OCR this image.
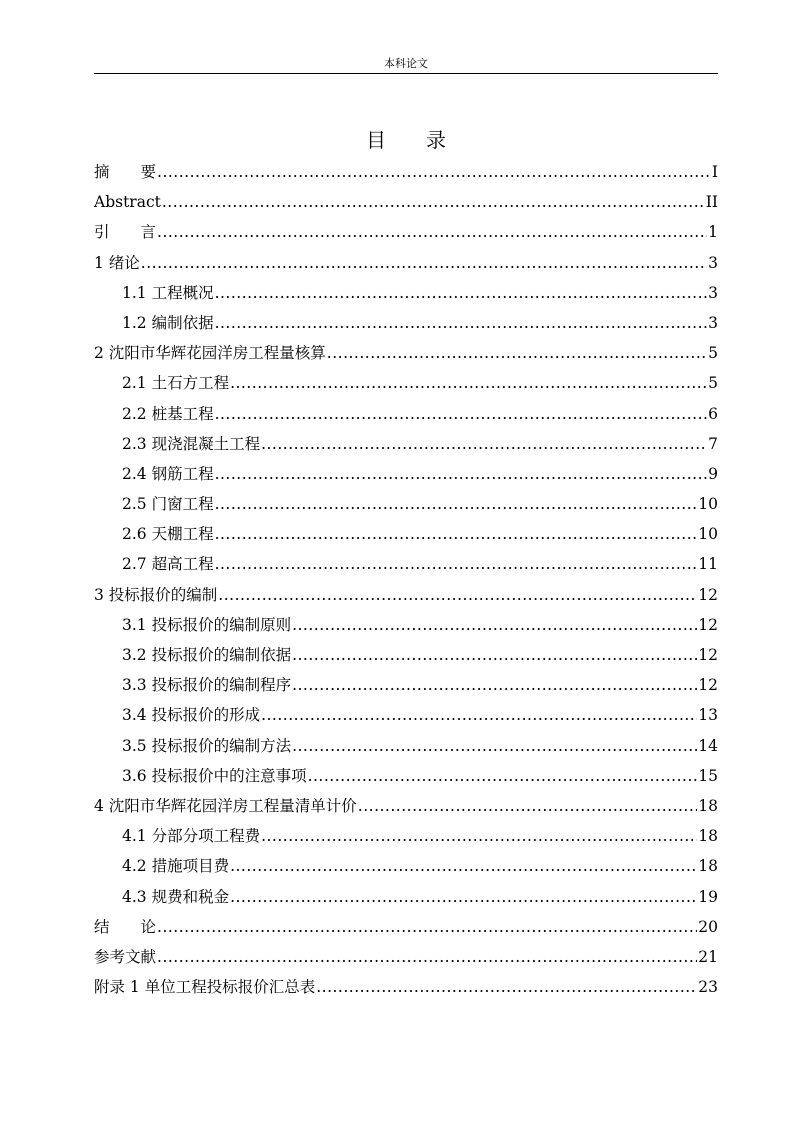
本科论文
目 录
摘　　要 .....	I
Abstract .....	II
引　　言 .....	1
1 绪论 .....	3
1.1 工程概况 .....	3
1.2 编制依据 .....	3
2 沈阳市华辉花园洋房工程量核算 .....	5
2.1 土石方工程 .....	5
2.2 桩基工程 .....	6
2.3 现浇混凝土工程 .....	7
2.4 钢筋工程 .....	9
2.5 门窗工程 .....	10
2.6 天棚工程 .....	10
2.7 超高工程 .....	11
3 投标报价的编制 .....	12
3.1 投标报价的编制原则 .....	12
3.2 投标报价的编制依据 .....	12
3.3 投标报价的编制程序 .....	12
3.4 投标报价的形成 .....	13
3.5 投标报价的编制方法 .....	14
3.6 投标报价中的注意事项 .....	15
4 沈阳市华辉花园洋房工程量清单计价 .....	18
4.1 分部分项工程费 .....	18
4.2 措施项目费 .....	18
4.3 规费和税金 .....	19
结　　论 .....	20
参考文献 .....	21
附录 1 单位工程投标报价汇总表 .....	23
